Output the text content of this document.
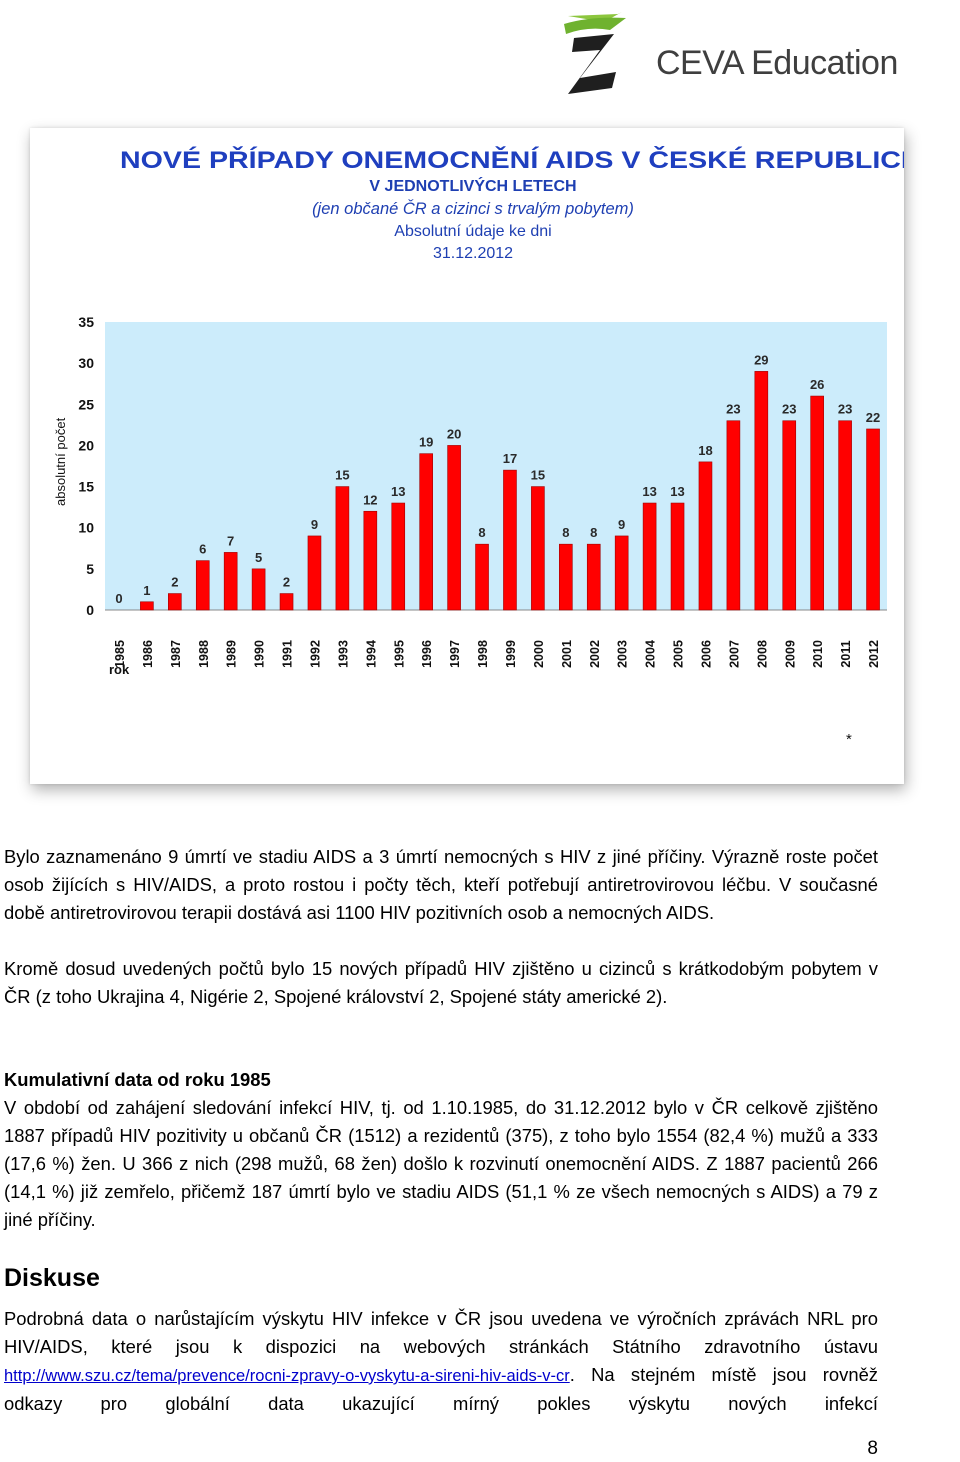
CEVA Education
NOVÉ PŘÍPADY ONEMOCNĚNÍ AIDS V ČESKÉ REPUBLICE
V JEDNOTLIVÝCH LETECH
(jen občané ČR a cizinci s trvalým pobytem)
Absolutní údaje ke dni
31.12.2012
0
5
10
15
20
25
30
35
0
1
2
6
7
5
2
9
15
12
13
19
20
8
17
15
8 8
9
13 13
18
23
29
23
26
23
22
1985 1986 1987 1988 1989 1990 1991 1992 1993 1994 1995 1996 1997 1998 1999 2000 2001 2002 2003 2004 2005 2006 2007 2008 2009 2010 2011 2012
absolutní počet
rok
*

Bylo zaznamenáno 9 úmrtí ve stadiu AIDS a 3 úmrtí nemocných s HIV z jiné příčiny. Výrazně roste počet osob žijících s HIV/AIDS, a proto rostou i počty těch, kteří potřebují antiretrovirovou léčbu. V současné době antiretrovirovou terapii dostává asi 1100 HIV pozitivních osob a nemocných AIDS.

Kromě dosud uvedených počtů bylo 15 nových případů HIV zjištěno u cizinců s krátkodobým pobytem v ČR (z toho Ukrajina 4, Nigérie 2, Spojené království 2, Spojené státy americké 2).

Kumulativní data od roku 1985

V období od zahájení sledování infekcí HIV, tj. od 1.10.1985, do 31.12.2012 bylo v ČR celkově zjištěno 1887 případů HIV pozitivity u občanů ČR (1512) a rezidentů (375), z toho bylo 1554 (82,4 %) mužů a 333 (17,6 %) žen. U 366 z nich (298 mužů, 68 žen) došlo k rozvinutí onemocnění AIDS. Z 1887 pacientů 266 (14,1 %) již zemřelo, přičemž 187 úmrtí bylo ve stadiu AIDS (51,1 % ze všech nemocných s AIDS) a 79 z jiné příčiny.

Diskuse

Podrobná data o narůstajícím výskytu HIV infekce v ČR jsou uvedena ve výročních zprávách NRL pro HIV/AIDS, které jsou k dispozici na webových stránkách Státního zdravotního ústavu http://www.szu.cz/tema/prevence/rocni-zpravy-o-vyskytu-a-sireni-hiv-aids-v-cr. Na stejném místě jsou rovněž odkazy pro globální data ukazující mírný pokles výskytu nových infekcí

8
